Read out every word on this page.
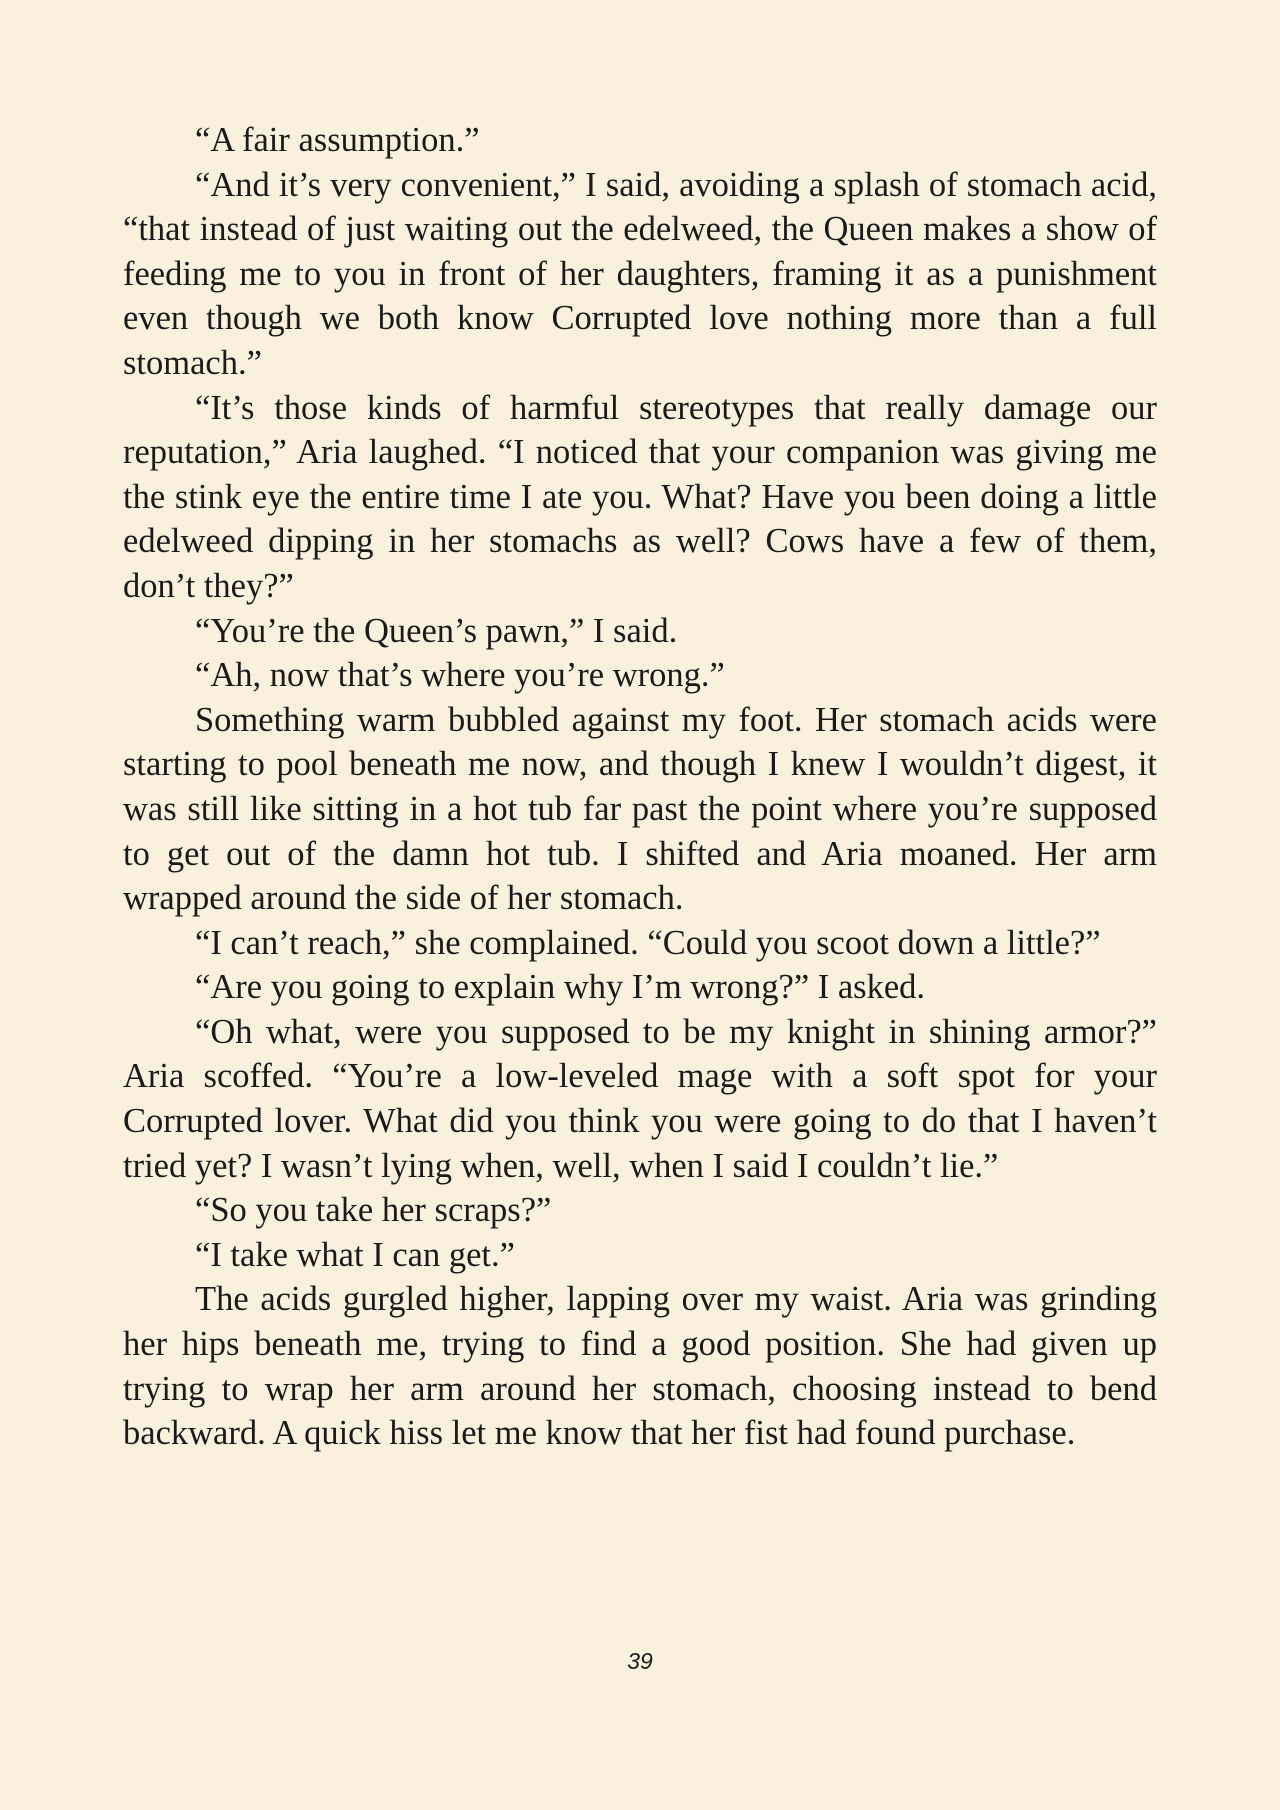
“A fair assumption.”

“And it’s very convenient,” I said, avoiding a splash of stomach acid, “that instead of just waiting out the edelweed, the Queen makes a show of feeding me to you in front of her daughters, framing it as a punishment even though we both know Corrupted love nothing more than a full stomach.”

“It’s those kinds of harmful stereotypes that really damage our reputation,” Aria laughed. “I noticed that your companion was giving me the stink eye the entire time I ate you. What? Have you been doing a little edelweed dipping in her stomachs as well? Cows have a few of them, don’t they?”

“You’re the Queen’s pawn,” I said.

“Ah, now that’s where you’re wrong.”

Something warm bubbled against my foot. Her stomach acids were starting to pool beneath me now, and though I knew I wouldn’t digest, it was still like sitting in a hot tub far past the point where you’re supposed to get out of the damn hot tub. I shifted and Aria moaned. Her arm wrapped around the side of her stomach.

“I can’t reach,” she complained. “Could you scoot down a little?”

“Are you going to explain why I’m wrong?” I asked.

“Oh what, were you supposed to be my knight in shining armor?” Aria scoffed. “You’re a low-leveled mage with a soft spot for your Corrupted lover. What did you think you were going to do that I haven’t tried yet? I wasn’t lying when, well, when I said I couldn’t lie.”

“So you take her scraps?”

“I take what I can get.”

The acids gurgled higher, lapping over my waist. Aria was grinding her hips beneath me, trying to find a good position. She had given up trying to wrap her arm around her stomach, choosing instead to bend backward. A quick hiss let me know that her fist had found purchase.

39
